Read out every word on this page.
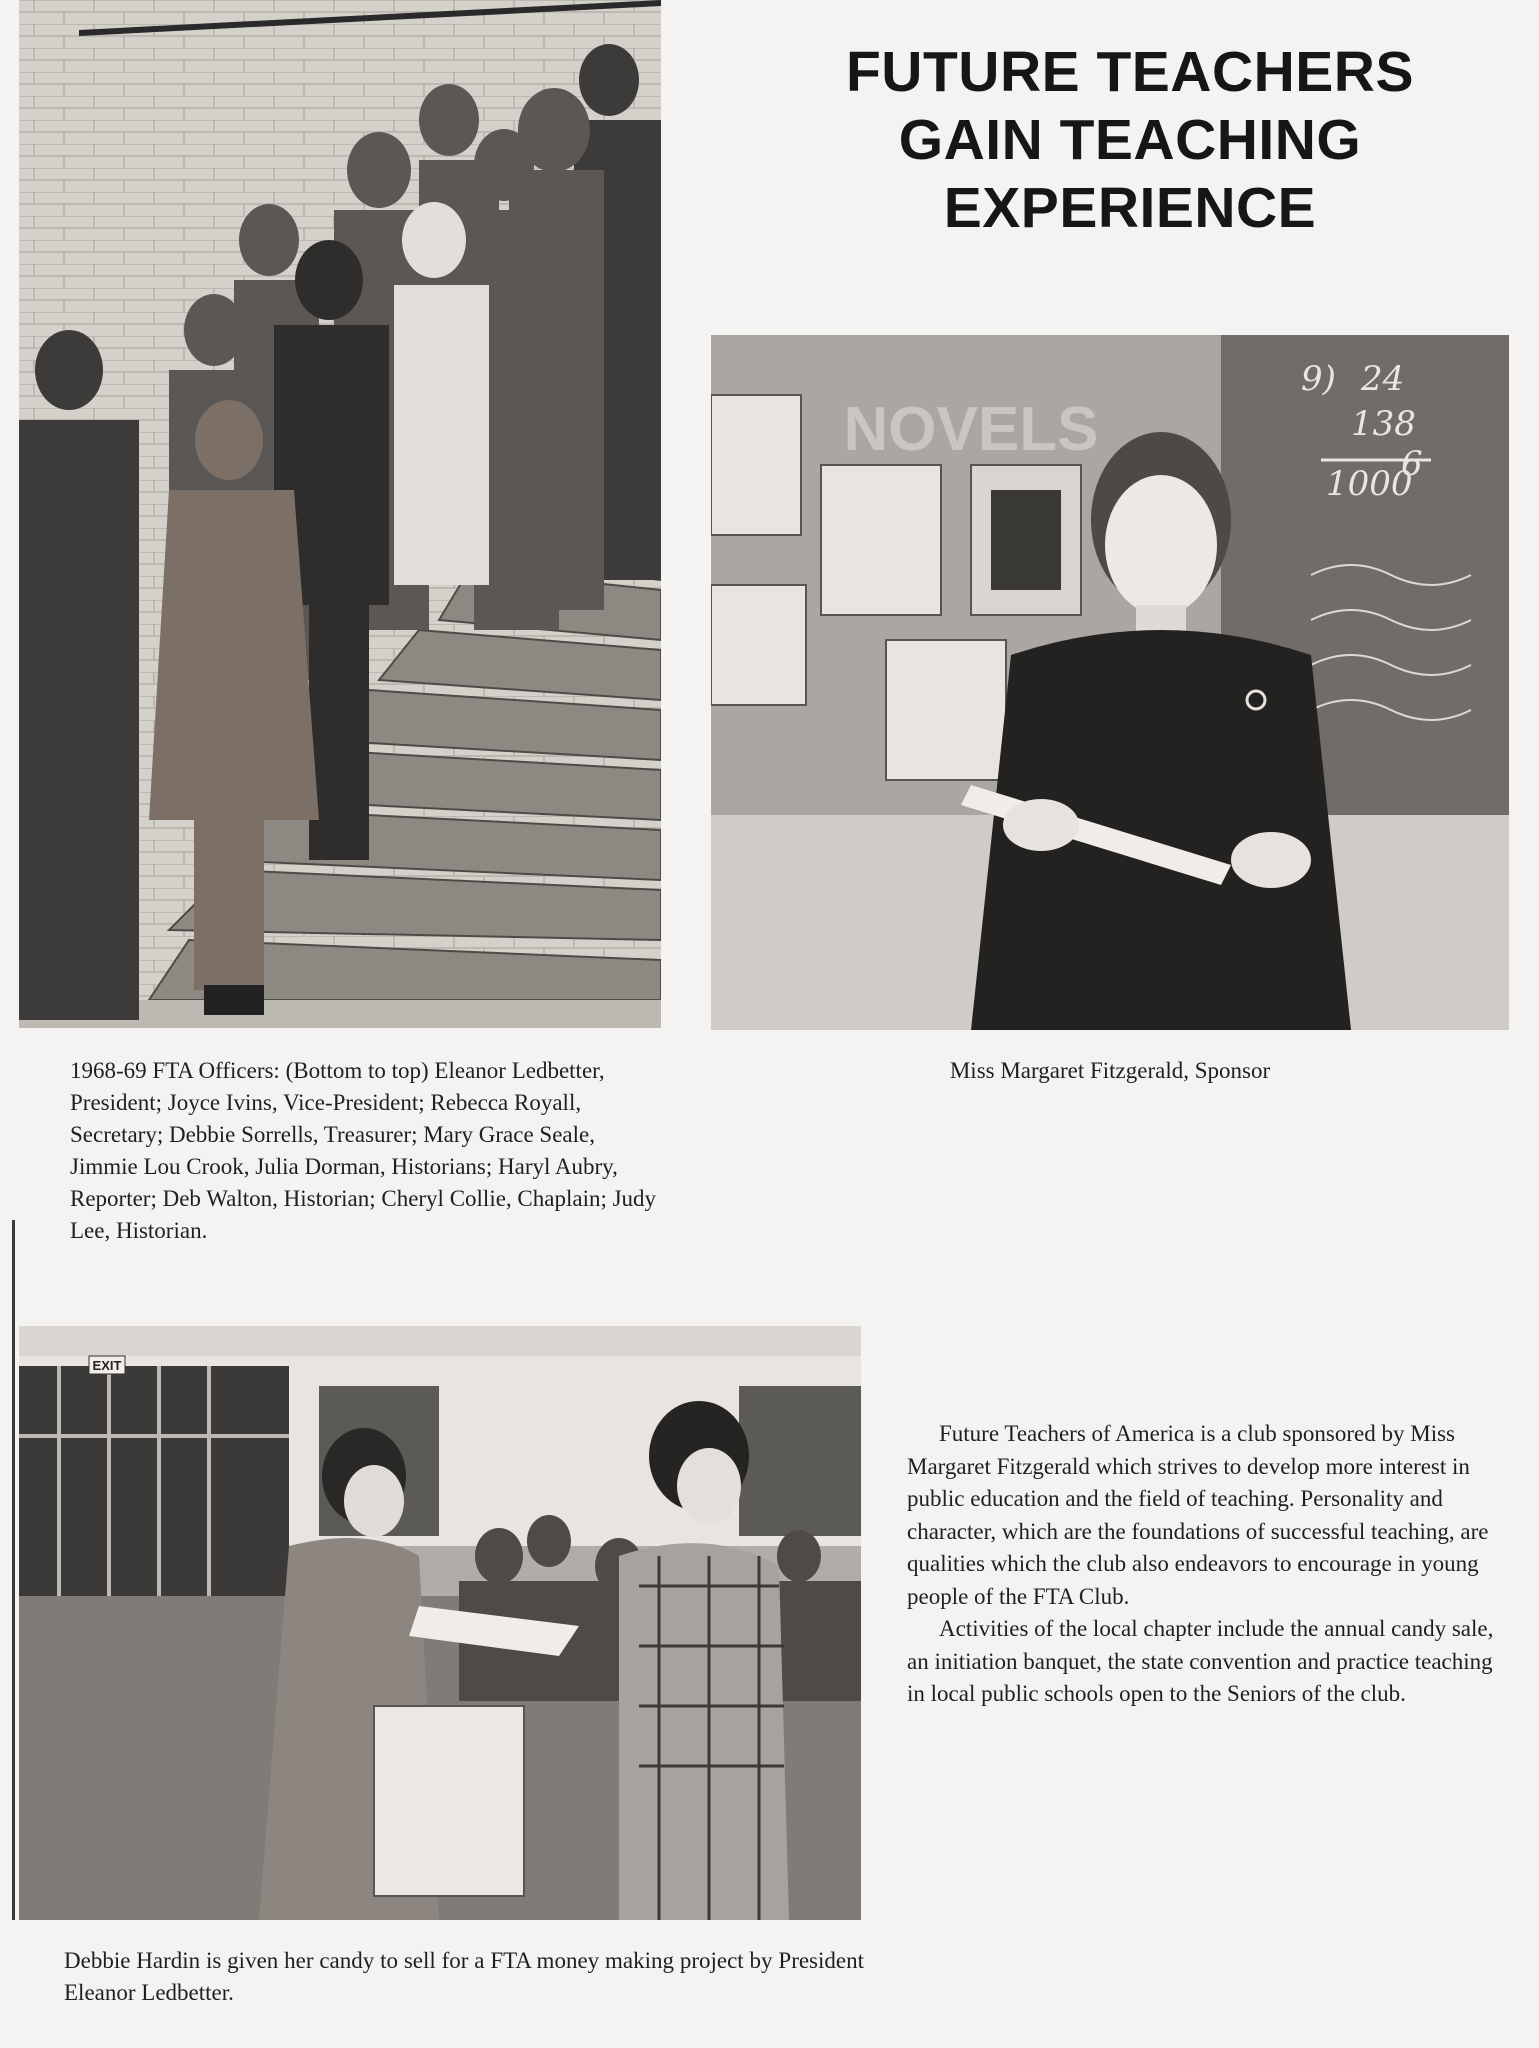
NOVELS
9) 24
138
6
1000
EXIT
FUTURE TEACHERS
GAIN TEACHING
EXPERIENCE

1968-69 FTA Officers: (Bottom to top) Eleanor Ledbetter, President; Joyce Ivins, Vice-President; Rebecca Royall, Secretary; Debbie Sorrells, Treasurer; Mary Grace Seale, Jimmie Lou Crook, Julia Dorman, Historians; Haryl Aubry, Reporter; Deb Walton, Historian; Cheryl Collie, Chaplain; Judy Lee, Historian.

Miss Margaret Fitzgerald, Sponsor

Debbie Hardin is given her candy to sell for a FTA money making project by President Eleanor Ledbetter.

Future Teachers of America is a club sponsored by Miss Margaret Fitzgerald which strives to develop more interest in public education and the field of teaching. Personality and character, which are the foundations of successful teaching, are qualities which the club also endeavors to encourage in young people of the FTA Club.

Activities of the local chapter include the annual candy sale, an initiation banquet, the state convention and practice teaching in local public schools open to the Seniors of the club.
